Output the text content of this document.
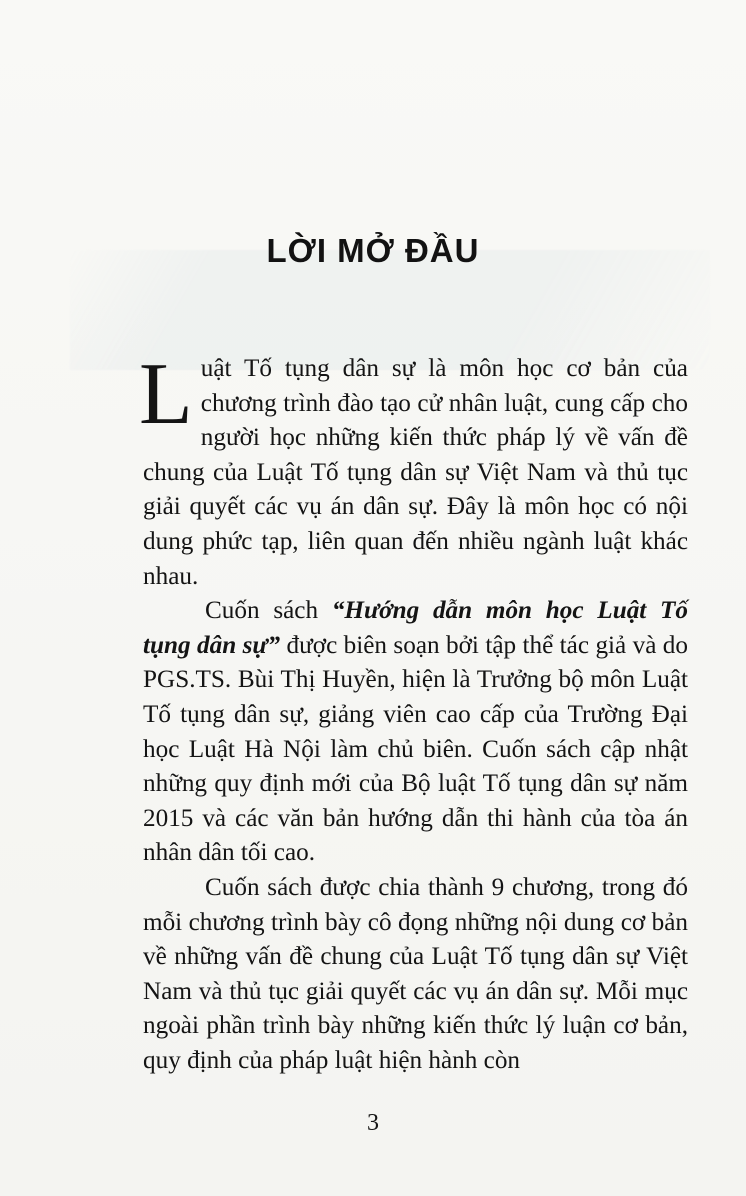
LỜI MỞ ĐẦU

Luật Tố tụng dân sự là môn học cơ bản của chương trình đào tạo cử nhân luật, cung cấp cho người học những kiến thức pháp lý về vấn đề chung của Luật Tố tụng dân sự Việt Nam và thủ tục giải quyết các vụ án dân sự. Đây là môn học có nội dung phức tạp, liên quan đến nhiều ngành luật khác nhau.

Cuốn sách “Hướng dẫn môn học Luật Tố tụng dân sự” được biên soạn bởi tập thể tác giả và do PGS.TS. Bùi Thị Huyền, hiện là Trưởng bộ môn Luật Tố tụng dân sự, giảng viên cao cấp của Trường Đại học Luật Hà Nội làm chủ biên. Cuốn sách cập nhật những quy định mới của Bộ luật Tố tụng dân sự năm 2015 và các văn bản hướng dẫn thi hành của tòa án nhân dân tối cao.

Cuốn sách được chia thành 9 chương, trong đó mỗi chương trình bày cô đọng những nội dung cơ bản về những vấn đề chung của Luật Tố tụng dân sự Việt Nam và thủ tục giải quyết các vụ án dân sự. Mỗi mục ngoài phần trình bày những kiến thức lý luận cơ bản, quy định của pháp luật hiện hành còn

3
